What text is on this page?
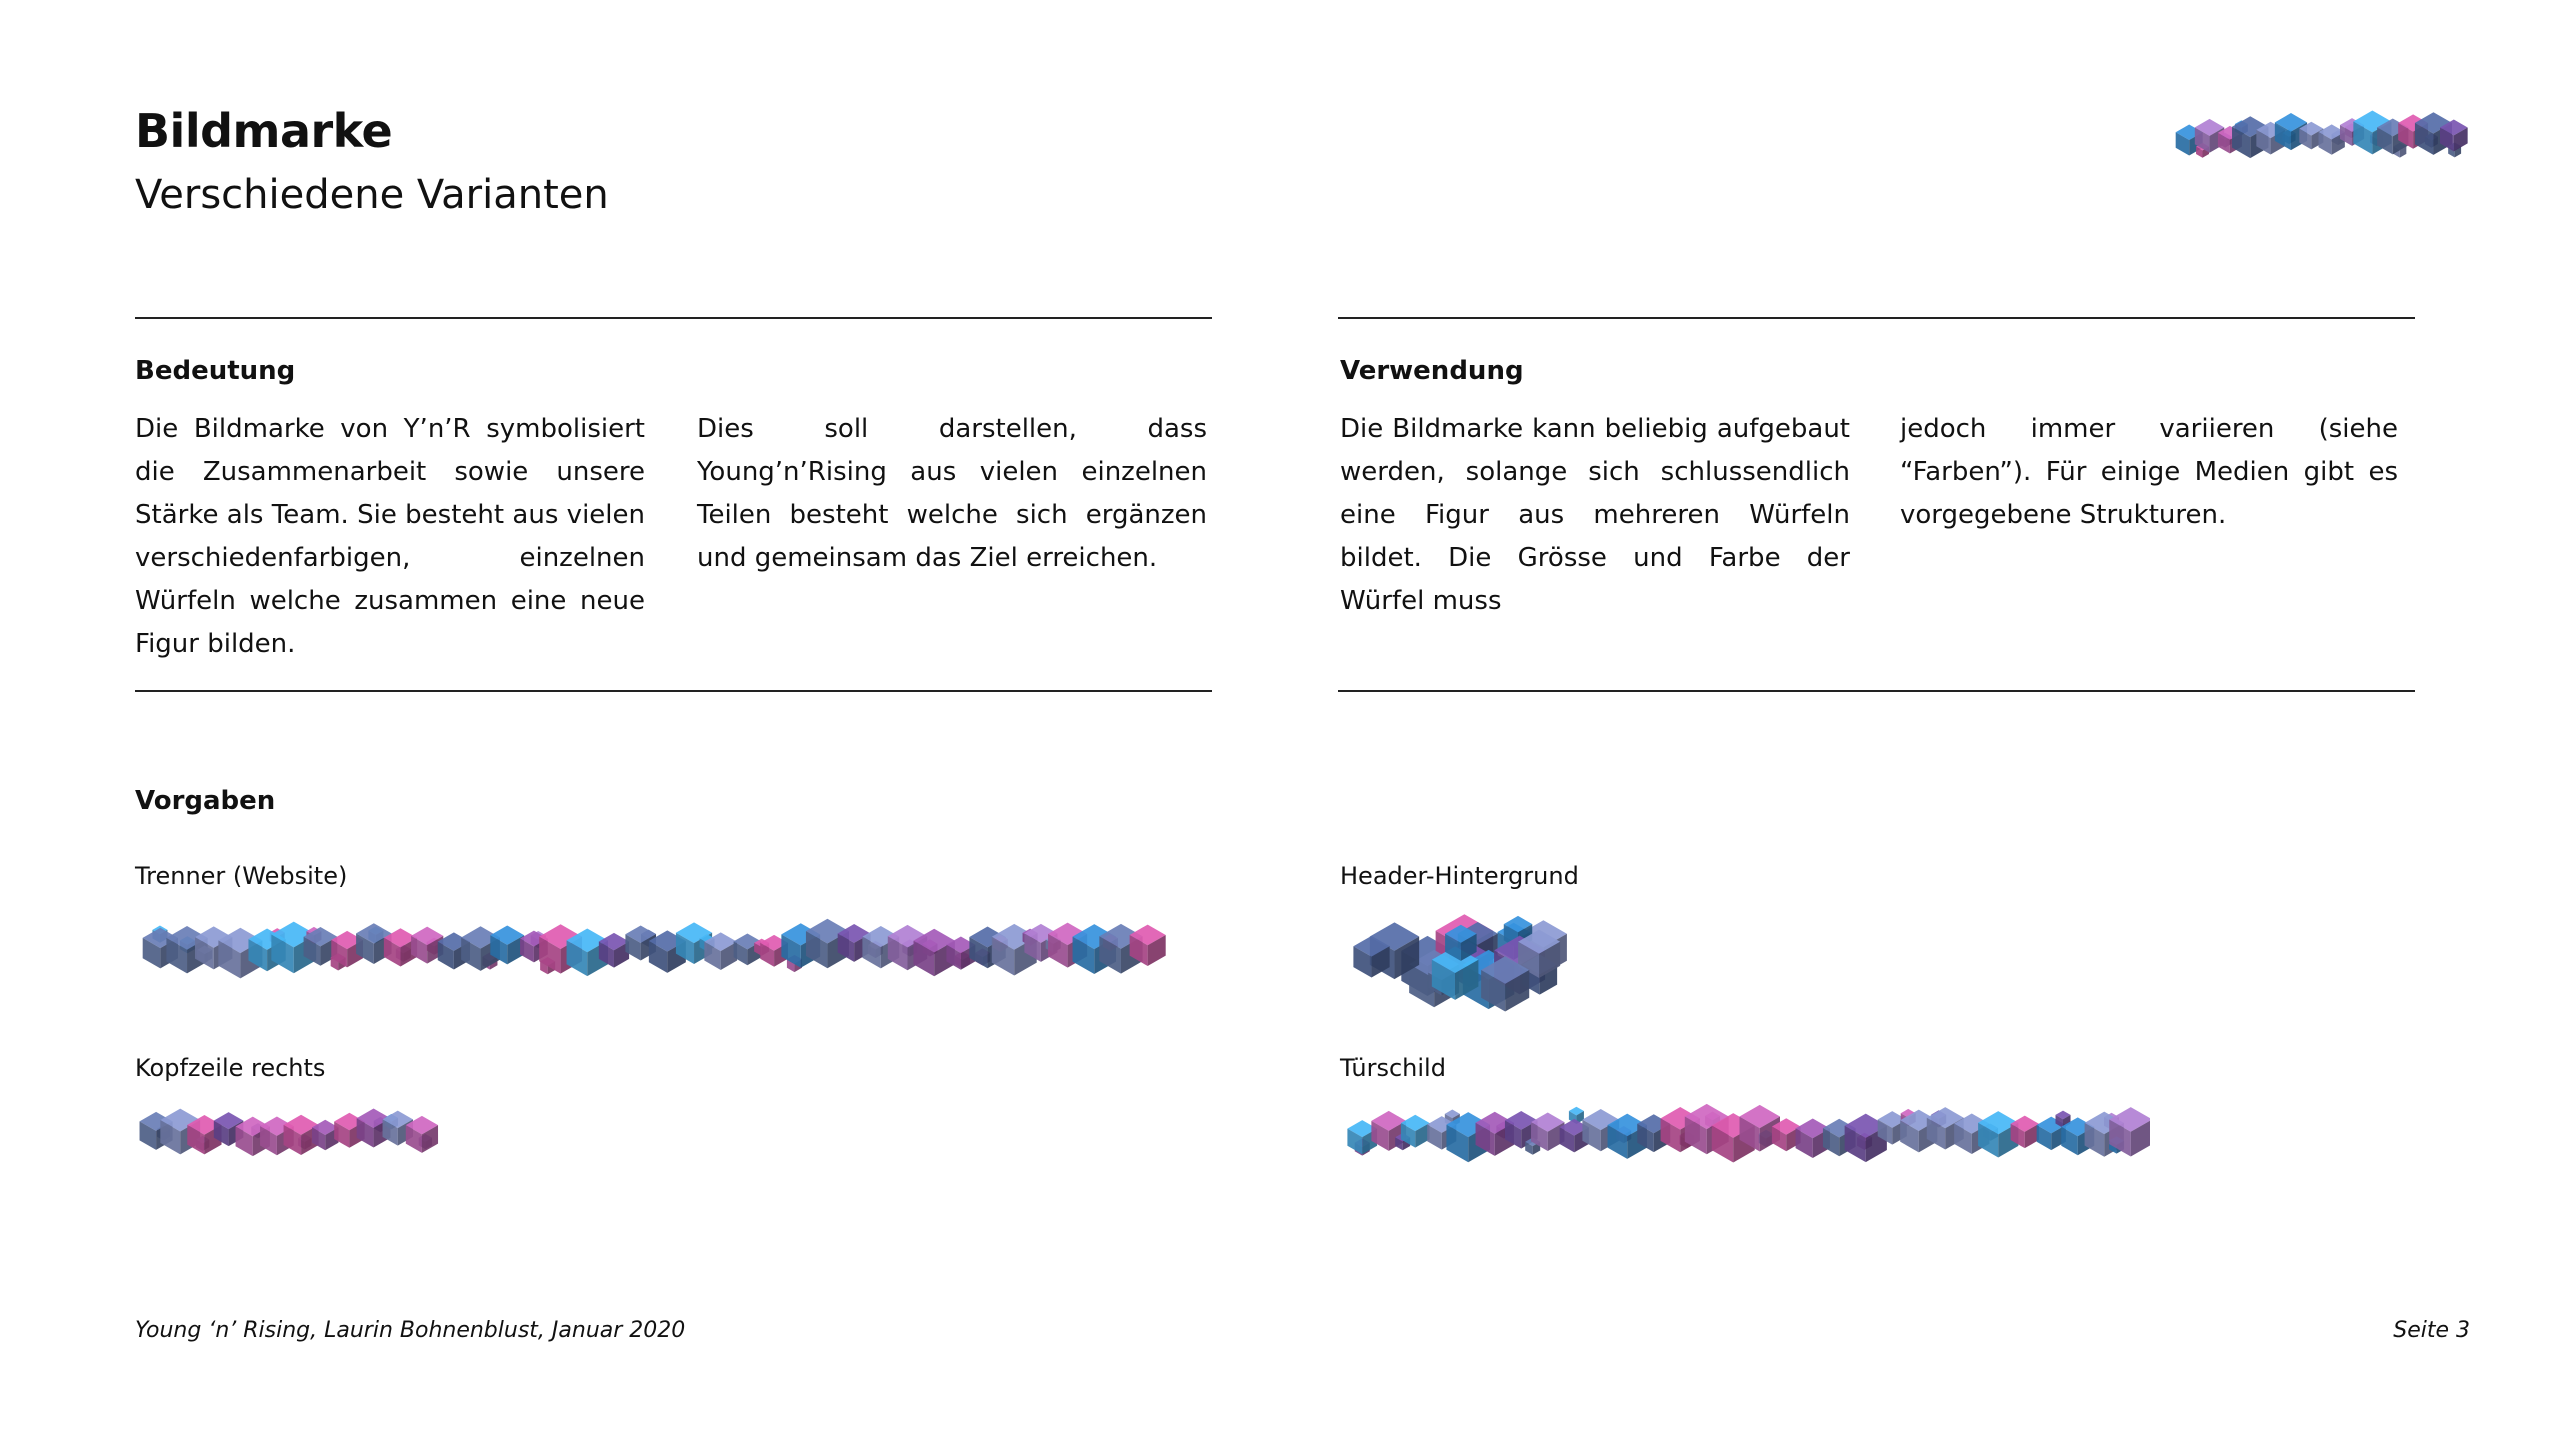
Bildmarke
Verschiedene Varianten
Bedeutung

Die Bildmarke von Y’n’R symbolisiert die Zusammenarbeit sowie unsere Stärke als Team. Sie besteht aus vielen verschiedenfarbigen, einzelnen Würfeln welche zusammen eine neue Figur bilden.

Dies soll darstellen, dass Young’n’Rising aus vielen einzelnen Teilen besteht welche sich ergänzen und gemeinsam das Ziel erreichen.

Verwendung

Die Bildmarke kann beliebig aufgebaut werden, solange sich schlussendlich eine Figur aus mehreren Würfeln bildet. Die Grösse und Farbe der Würfel muss

jedoch immer variieren (siehe “Farben”). Für einige Medien gibt es vorgegebene Strukturen.

Vorgaben
Trenner (Website)	Header-Hintergrund
Kopfzeile rechts	Türschild
Young ‘n’ Rising, Laurin Bohnenblust, Januar 2020	Seite 3
